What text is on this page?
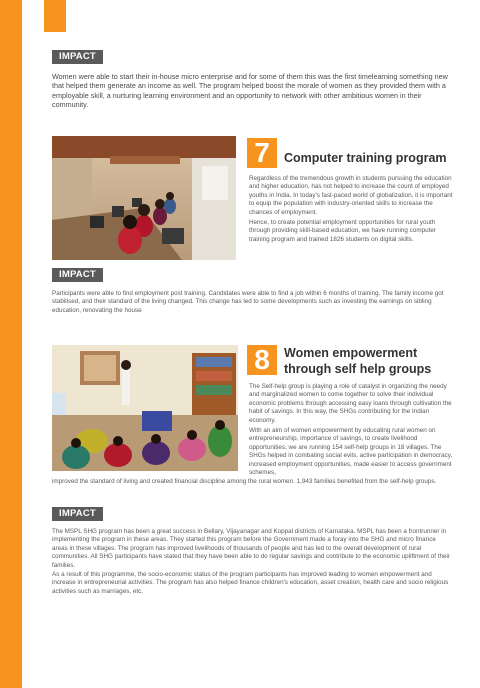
IMPACT

Women were able to start their in-house micro enterprise and for some of them this was the first timelearning something new that helped them generate an income as well. The program helped boost the morale of women as they provided them with a employable skill, a nurturing learning environment and an opportunity to network with other ambitious women in their community.

7	Computer training program

Regardless of the tremendous growth in students pursuing the education and higher education, has not helped to increase the count of employed youths in India. In today's fast-paced world of globalization, it is important to equip the population with industry-oriented skills to increase the chances of employment.

Hence, to create potential employment opportunities for rural youth through providing skill-based education, we have running computer training program and trained 1826 students on digital skills.

IMPACT

Participants were able to find employment post training. Candidates were able to find a job within 6 months of training. The family income got stabilised, and their standard of the living changed. This change has led to some developments such as investing the earnings on sibling education, renovating the house

8	Women empowerment
through self help groups

The Self-help group is playing a role of catalyst in organizing the needy and marginalized women to come together to solve their individual economic problems through accessing easy loans through cultivation the habit of savings. In this way, the SHGs contributing for the Indian economy.

With an aim of women empowerment by educating rural women on entrepreneurship, importance of savings, to create livelihood opportunities, we are running 154 self-help groups in 18 villages. The SHGs helped in combating social evils, active participation in democracy, increased employment opportunities, made easier to access government schemes,

improved the standard of living and created financial discipline among the rural women. 1,943 families benefited from the self-help groups.

IMPACT

The MSPL SHG program has been a great success in Bellary, Vijayanagar and Koppal districts of Karnataka. MSPL has been a frontrunner in implementing the program in these areas. They started this program before the Government made a foray into the SHG and micro finance areas in these villages. The program has improved livelihoods of thousands of people and has led to the overall development of rural communities. All SHG participants have stated that they have been able to do regular savings and contribute to the economic upliftment of their families.

As a result of this programme, the socio-economic status of the program participants has improved leading to women empowerment and increase in entrepreneurial activities. The program has also helped finance children's education, asset creation, health care and socio religious activities such as marriages, etc.
